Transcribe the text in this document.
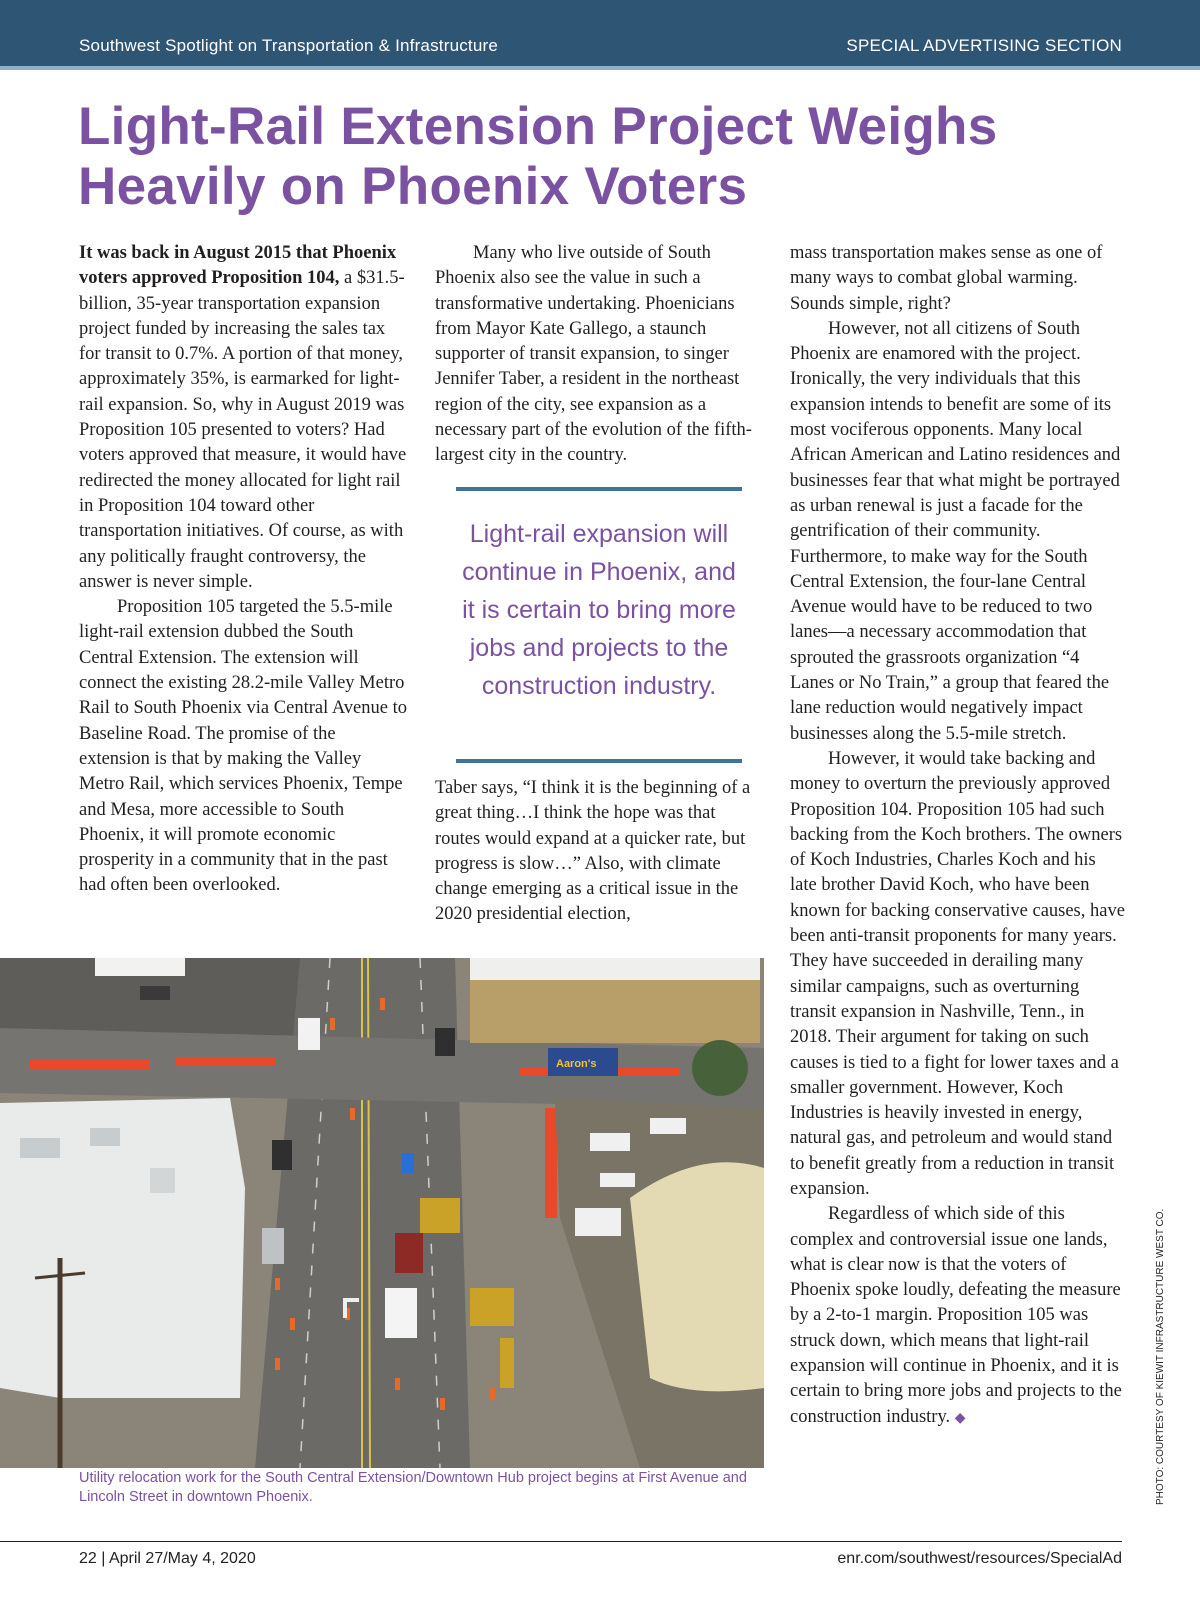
Southwest Spotlight on Transportation & Infrastructure	SPECIAL ADVERTISING SECTION
Light-Rail Extension Project Weighs Heavily on Phoenix Voters

It was back in August 2015 that Phoenix voters approved Proposition 104, a $31.5-billion, 35-year transportation expansion project funded by increasing the sales tax for transit to 0.7%. A portion of that money, approximately 35%, is earmarked for light-rail expansion. So, why in August 2019 was Proposition 105 presented to voters? Had voters approved that measure, it would have redirected the money allocated for light rail in Proposition 104 toward other transportation initiatives. Of course, as with any politically fraught controversy, the answer is never simple.

Proposition 105 targeted the 5.5-mile light-rail extension dubbed the South Central Extension. The extension will connect the existing 28.2-mile Valley Metro Rail to South Phoenix via Central Avenue to Baseline Road. The promise of the extension is that by making the Valley Metro Rail, which services Phoenix, Tempe and Mesa, more accessible to South Phoenix, it will promote economic prosperity in a community that in the past had often been overlooked.

Many who live outside of South Phoenix also see the value in such a transformative undertaking. Phoenicians from Mayor Kate Gallego, a staunch supporter of transit expansion, to singer Jennifer Taber, a resident in the northeast region of the city, see expansion as a necessary part of the evolution of the fifth-largest city in the country.

Light-rail expansion will continue in Phoenix, and it is certain to bring more jobs and projects to the construction industry.

Taber says, “I think it is the beginning of a great thing…I think the hope was that routes would expand at a quicker rate, but progress is slow…” Also, with climate change emerging as a critical issue in the 2020 presidential election,

mass transportation makes sense as one of many ways to combat global warming. Sounds simple, right?

However, not all citizens of South Phoenix are enamored with the project. Ironically, the very individuals that this expansion intends to benefit are some of its most vociferous opponents. Many local African American and Latino residences and businesses fear that what might be portrayed as urban renewal is just a facade for the gentrification of their community. Furthermore, to make way for the South Central Extension, the four-lane Central Avenue would have to be reduced to two lanes—a necessary accommodation that sprouted the grassroots organization “4 Lanes or No Train,” a group that feared the lane reduction would negatively impact businesses along the 5.5-mile stretch.

However, it would take backing and money to overturn the previously approved Proposition 104. Proposition 105 had such backing from the Koch brothers. The owners of Koch Industries, Charles Koch and his late brother David Koch, who have been known for backing conservative causes, have been anti-transit proponents for many years. They have succeeded in derailing many similar campaigns, such as overturning transit expansion in Nashville, Tenn., in 2018. Their argument for taking on such causes is tied to a fight for lower taxes and a smaller government. However, Koch Industries is heavily invested in energy, natural gas, and petroleum and would stand to benefit greatly from a reduction in transit expansion.

Regardless of which side of this complex and controversial issue one lands, what is clear now is that the voters of Phoenix spoke loudly, defeating the measure by a 2-to-1 margin. Proposition 105 was struck down, which means that light-rail expansion will continue in Phoenix, and it is certain to bring more jobs and projects to the construction industry. ◆

Aaron's
Utility relocation work for the South Central Extension/Downtown Hub project begins at First Avenue and Lincoln Street in downtown Phoenix.	PHOTO: COURTESY OF KIEWIT INFRASTRUCTURE WEST CO.
22 | April 27/May 4, 2020	enr.com/southwest/resources/SpecialAd
